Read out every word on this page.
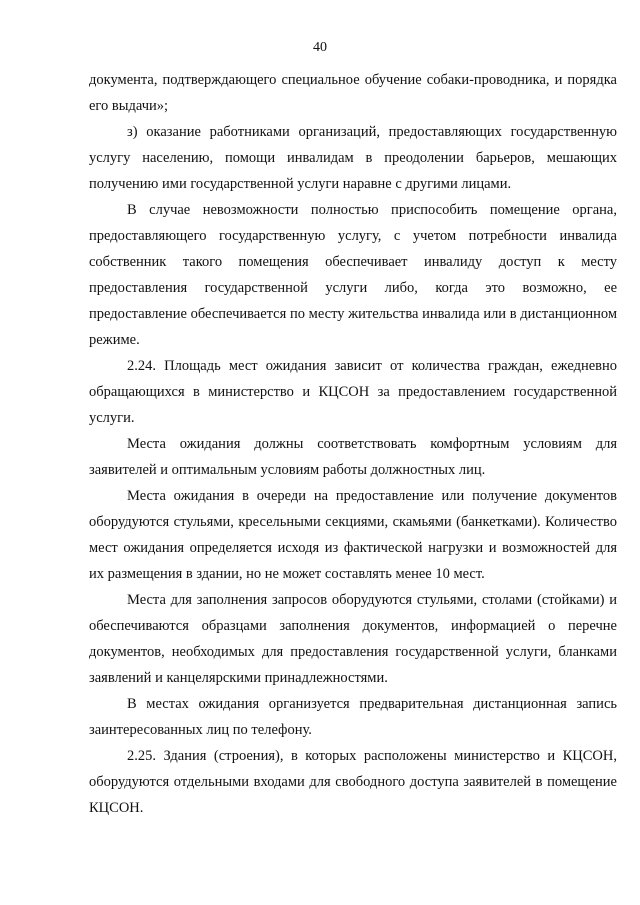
40

документа, подтверждающего специальное обучение собаки-проводника, и порядка его выдачи»;

з) оказание работниками организаций, предоставляющих государственную услугу населению, помощи инвалидам в преодолении барьеров, мешающих получению ими государственной услуги наравне с другими лицами.

В случае невозможности полностью приспособить помещение органа, предоставляющего государственную услугу, с учетом потребности инвалида собственник такого помещения обеспечивает инвалиду доступ к месту предоставления государственной услуги либо, когда это возможно, ее предоставление обеспечивается по месту жительства инвалида или в дистанционном режиме.

2.24. Площадь мест ожидания зависит от количества граждан, ежедневно обращающихся в министерство и КЦСОН за предоставлением государственной услуги.

Места ожидания должны соответствовать комфортным условиям для заявителей и оптимальным условиям работы должностных лиц.

Места ожидания в очереди на предоставление или получение документов оборудуются стульями, кресельными секциями, скамьями (банкетками). Количество мест ожидания определяется исходя из фактической нагрузки и возможностей для их размещения в здании, но не может составлять менее 10 мест.

Места для заполнения запросов оборудуются стульями, столами (стойками) и обеспечиваются образцами заполнения документов, информацией о перечне документов, необходимых для предоставления государственной услуги, бланками заявлений и канцелярскими принадлежностями.

В местах ожидания организуется предварительная дистанционная запись заинтересованных лиц по телефону.

2.25. Здания (строения), в которых расположены министерство и КЦСОН, оборудуются отдельными входами для свободного доступа заявителей в помещение КЦСОН.
